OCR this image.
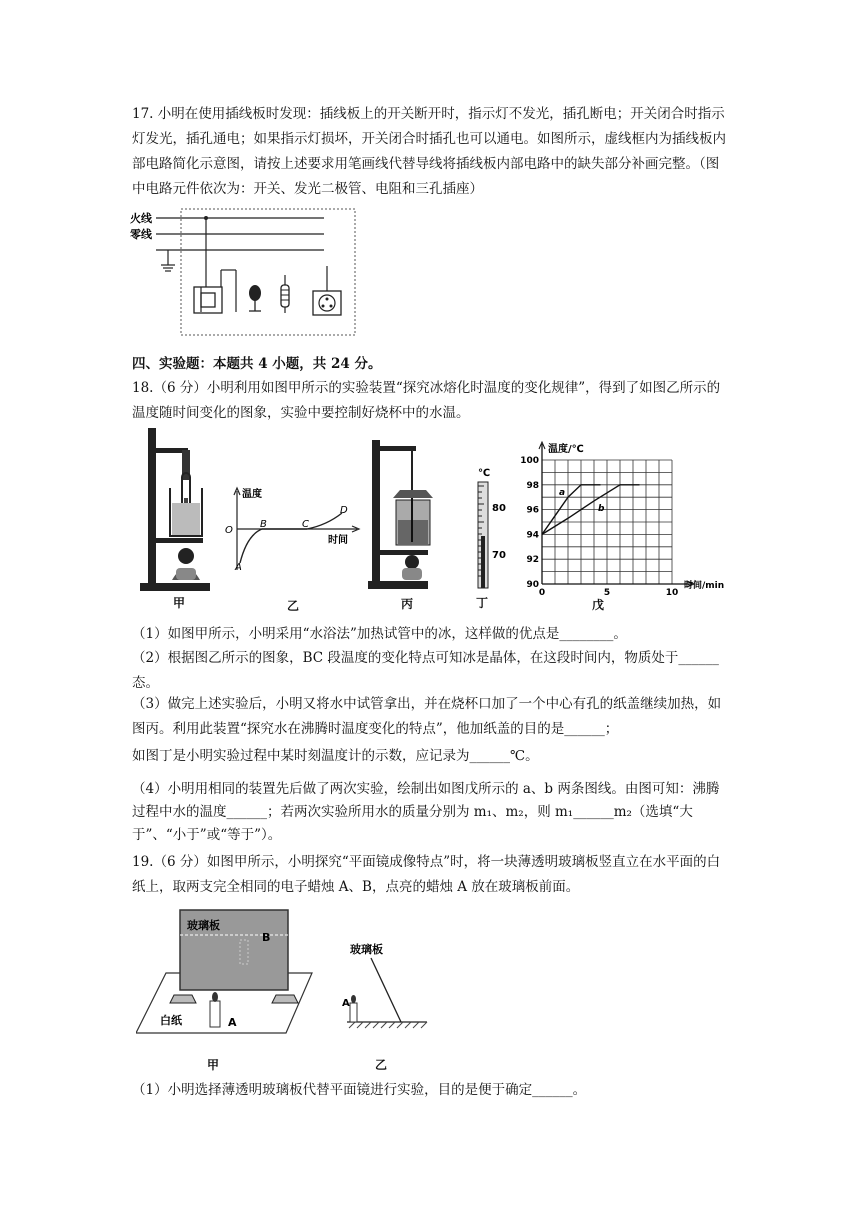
17. 小明在使用插线板时发现：插线板上的开关断开时，指示灯不发光，插孔断电；开关闭合时指示灯发光，插孔通电；如果指示灯损坏，开关闭合时插孔也可以通电。如图所示，虚线框内为插线板内部电路简化示意图，请按上述要求用笔画线代替导线将插线板内部电路中的缺失部分补画完整。（图中电路元件依次为：开关、发光二极管、电阻和三孔插座）
火线
零线
四、实验题：本题共 4 小题，共 24 分。
18.（6 分）小明利用如图甲所示的实验装置“探究冰熔化时温度的变化规律”，得到了如图乙所示的温度随时间变化的图象，实验中要控制好烧杯中的水温。
甲
温度
时间
O
A
B	C
D
乙	丙
℃
80
70
丁
温度/℃
时间/min
90
92
94
96
98
100
0	5	10
a
b
戊
（1）如图甲所示，小明采用“水浴法”加热试管中的冰，这样做的优点是________。
（2）根据图乙所示的图象，BC 段温度的变化特点可知冰是晶体，在这段时间内，物质处于______态。
（3）做完上述实验后，小明又将水中试管拿出，并在烧杯口加了一个中心有孔的纸盖继续加热，如图丙。利用此装置“探究水在沸腾时温度变化的特点”，他加纸盖的目的是______；
如图丁是小明实验过程中某时刻温度计的示数，应记录为______℃。
（4）小明用相同的装置先后做了两次实验，绘制出如图戊所示的 a、b 两条图线。由图可知：沸腾过程中水的温度______；若两次实验所用水的质量分别为 m₁、m₂，则 m₁______m₂（选填“大于”、“小于”或“等于”）。
19.（6 分）如图甲所示，小明探究“平面镜成像特点”时，将一块薄透明玻璃板竖直立在水平面的白纸上，取两支完全相同的电子蜡烛 A、B，点亮的蜡烛 A 放在玻璃板前面。
玻璃板
B
白纸	A
甲
玻璃板
A
乙
（1）小明选择薄透明玻璃板代替平面镜进行实验，目的是便于确定______。
